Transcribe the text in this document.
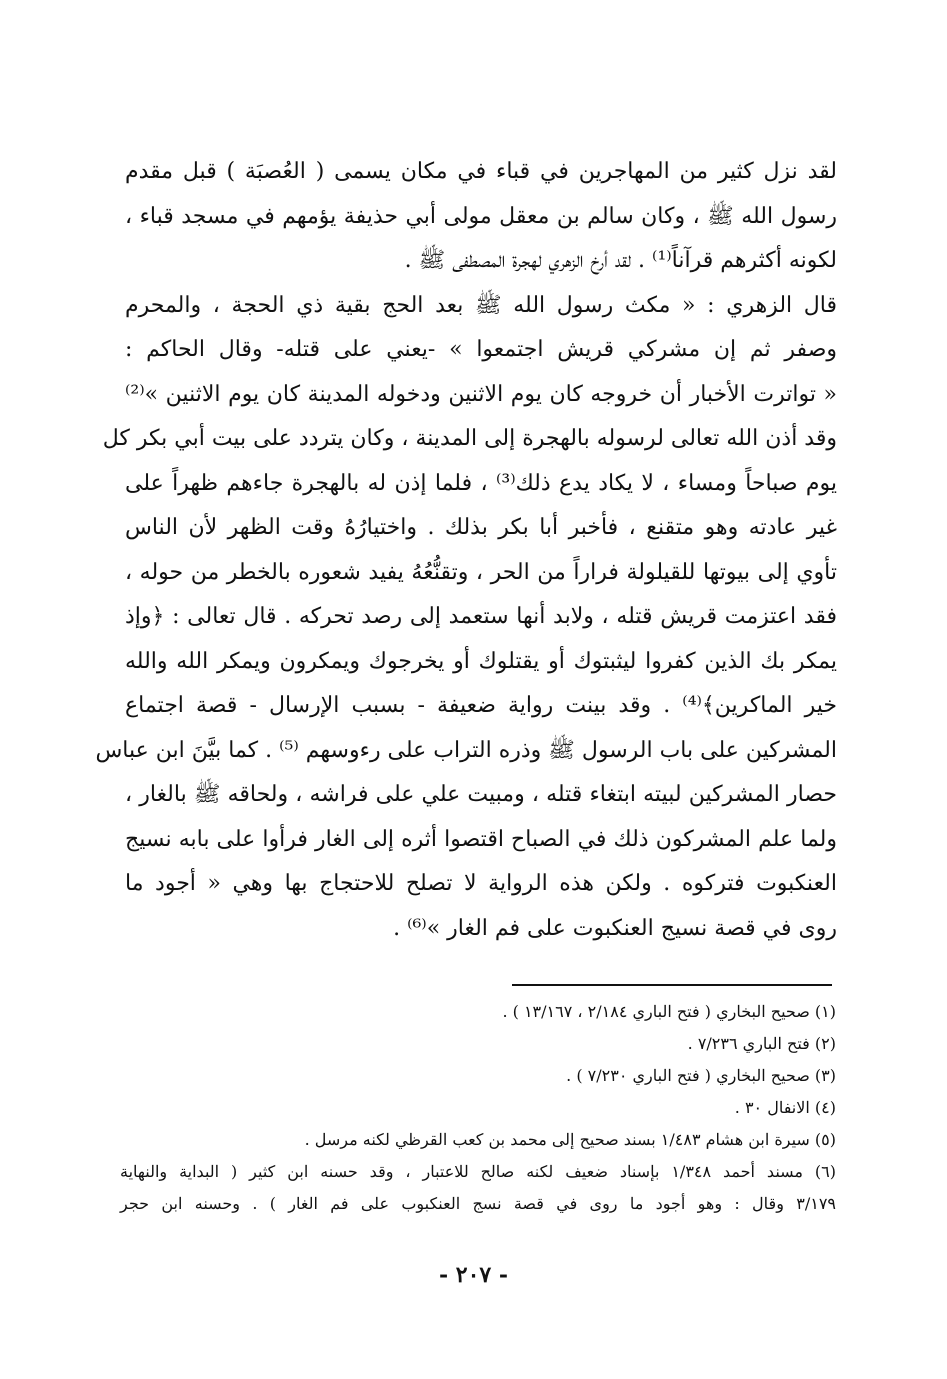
لقد نزل كثير من المهاجرين في قباء في مكان يسمى ( العُصبَة ) قبل مقدم
رسول الله ﷺ ، وكان سالم بن معقل مولى أبي حذيفة يؤمهم في مسجد قباء ،
لكونه أكثرهم قرآناً⁽¹⁾ . لقد أرخ الزهري لهجرة المصطفى ﷺ .
قال الزهري : « مكث رسول الله ﷺ بعد الحج بقية ذي الحجة ، والمحرم
وصفر ثم إن مشركي قريش اجتمعوا » -يعني على قتله- وقال الحاكم :
« تواترت الأخبار أن خروجه كان يوم الاثنين ودخوله المدينة كان يوم الاثنين »⁽²⁾
وقد أذن الله تعالى لرسوله بالهجرة إلى المدينة ، وكان يتردد على بيت أبي بكر كل
يوم صباحاً ومساء ، لا يكاد يدع ذلك⁽³⁾ ، فلما إذن له بالهجرة جاءهم ظهراً على
غير عادته وهو متقنع ، فأخبر أبا بكر بذلك . واختيارُهُ وقت الظهر لأن الناس
تأوي إلى بيوتها للقيلولة فراراً من الحر ، وتقنُّعُهُ يفيد شعوره بالخطر من حوله ،
فقد اعتزمت قريش قتله ، ولابد أنها ستعمد إلى رصد تحركه . قال تعالى : ﴿وإذ
يمكر بك الذين كفروا ليثبتوك أو يقتلوك أو يخرجوك ويمكرون ويمكر الله والله
خير الماكرين﴾⁽⁴⁾ . وقد بينت رواية ضعيفة - بسبب الإرسال - قصة اجتماع
المشركين على باب الرسول ﷺ وذره التراب على رءوسهم ⁽⁵⁾ . كما بيَّنَ ابن عباس
حصار المشركين لبيته ابتغاء قتله ، ومبيت علي على فراشه ، ولحاقه ﷺ بالغار ،
ولما علم المشركون ذلك في الصباح اقتصوا أثره إلى الغار فرأوا على بابه نسيج
العنكبوت فتركوه . ولكن هذه الرواية لا تصلح للاحتجاج بها وهي « أجود ما
روى في قصة نسيج العنكبوت على فم الغار »⁽⁶⁾ .
(١) صحيح البخاري ( فتح الباري ٢/١٨٤ ، ١٣/١٦٧ ) .
(٢) فتح الباري ٧/٢٣٦ .
(٣) صحيح البخاري ( فتح الباري ٧/٢٣٠ ) .
(٤) الانفال ٣٠ .
(٥) سيرة ابن هشام ١/٤٨٣ بسند صحيح إلى محمد بن كعب القرظي لكنه مرسل .
(٦) مسند أحمد ١/٣٤٨ بإسناد ضعيف لكنه صالح للاعتبار ، وقد حسنه ابن كثير ( البداية والنهاية
٣/١٧٩ وقال : وهو أجود ما روى في قصة نسج العنكبوب على فم الغار ) . وحسنه ابن حجر
- ٢٠٧ -
